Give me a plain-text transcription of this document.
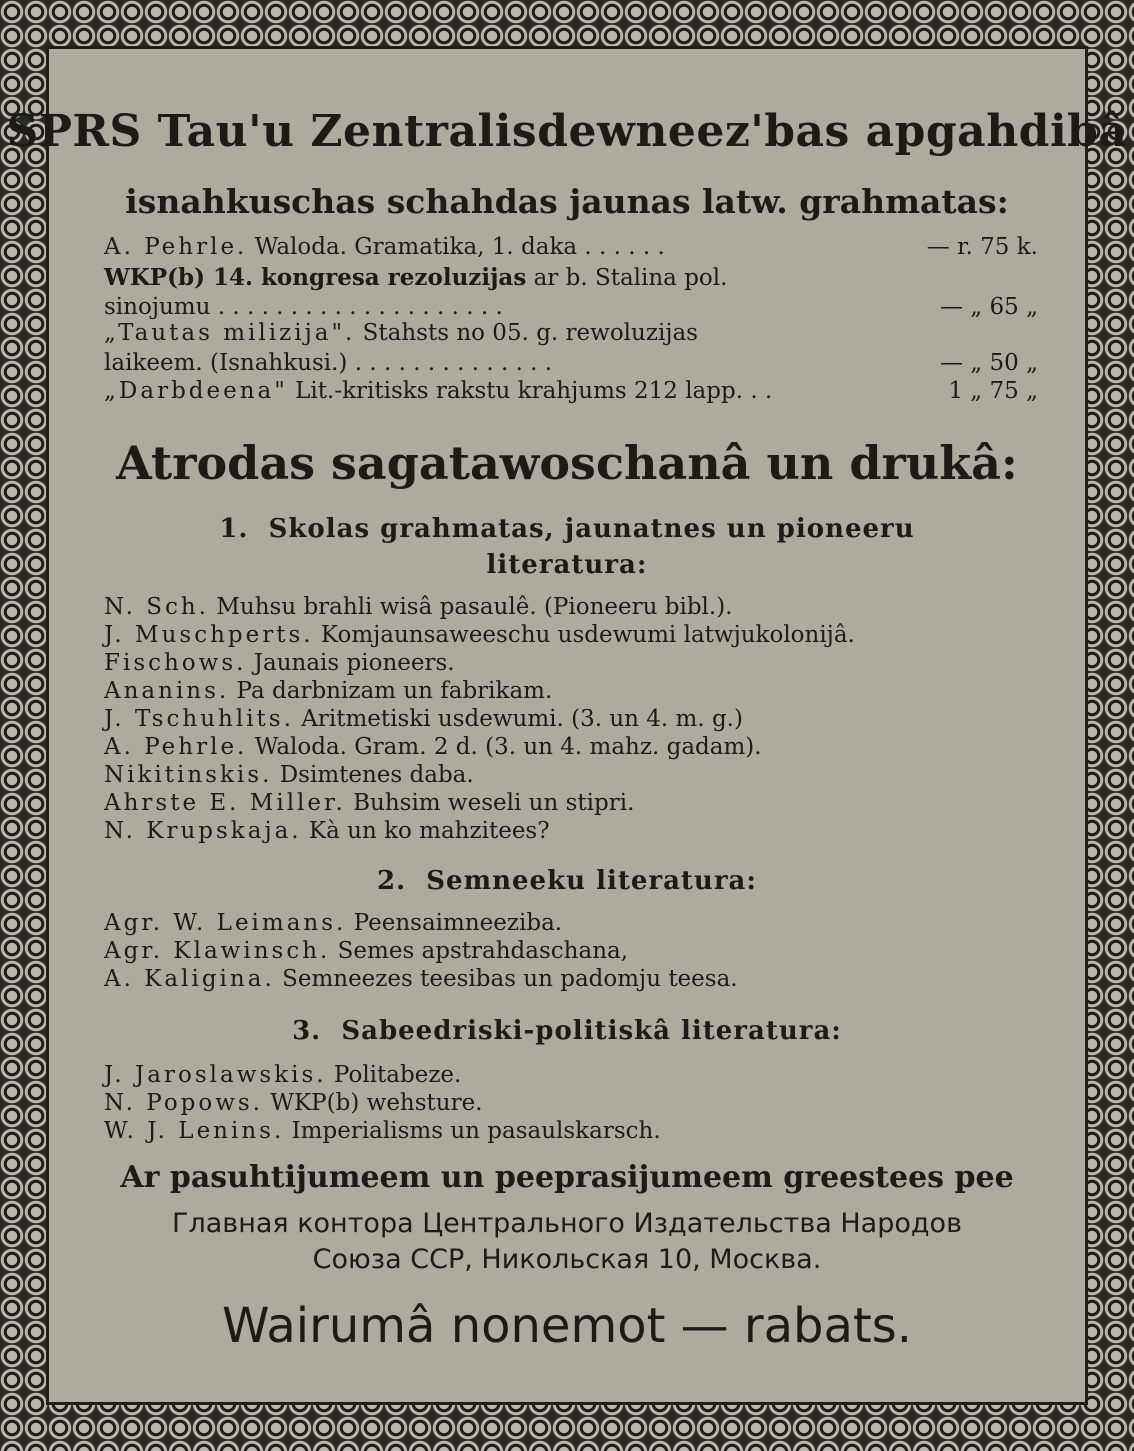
SPRS Tau'u Zentralisdewneez'bas apgahdibâ
isnahkuschas schahdas jaunas latw. grahmatas:
A. Pehrle. Waloda. Gramatika, 1. daka . . . . . .	— r. 75 k.
WKP(b) 14. kongresa rezoluzijas ar b. Stalina pol.
sinojumu . . . . . . . . . . . . . . . . . . . .	— „ 65 „
„Tautas milizija". Stahsts no 05. g. rewoluzijas
laikeem. (Isnahkusi.) . . . . . . . . . . . . . .	— „ 50 „
„Darbdeena" Lit.-kritisks rakstu krahjums 212 lapp. . .	1 „ 75 „
Atrodas sagatawoschanâ un drukâ:
1. Skolas grahmatas, jaunatnes un pioneeru
literatura:
N. Sch. Muhsu brahli wisâ pasaulê. (Pioneeru bibl.).
J. Muschperts. Komjaunsaweeschu usdewumi latwjukolonijâ.
Fischows. Jaunais pioneers.
Ananins. Pa darbnizam un fabrikam.
J. Tschuhlits. Aritmetiski usdewumi. (3. un 4. m. g.)
A. Pehrle. Waloda. Gram. 2 d. (3. un 4. mahz. gadam).
Nikitinskis. Dsimtenes daba.
Ahrste E. Miller. Buhsim weseli un stipri.
N. Krupskaja. Kà un ko mahzitees?
2. Semneeku literatura:
Agr. W. Leimans. Peensaimneeziba.
Agr. Klawinsch. Semes apstrahdaschana,
A. Kaligina. Semneezes teesibas un padomju teesa.
3. Sabeedriski-politiskâ literatura:
J. Jaroslawskis. Politabeze.
N. Popows. WKP(b) wehsture.
W. J. Lenins. Imperialisms un pasaulskarsch.
Ar pasuhtijumeem un peeprasijumeem greestees pee
Главная контора Центрального Издательства Народов
Союза ССР, Никольская 10, Москва.
Wairumâ nonemot — rabats.
